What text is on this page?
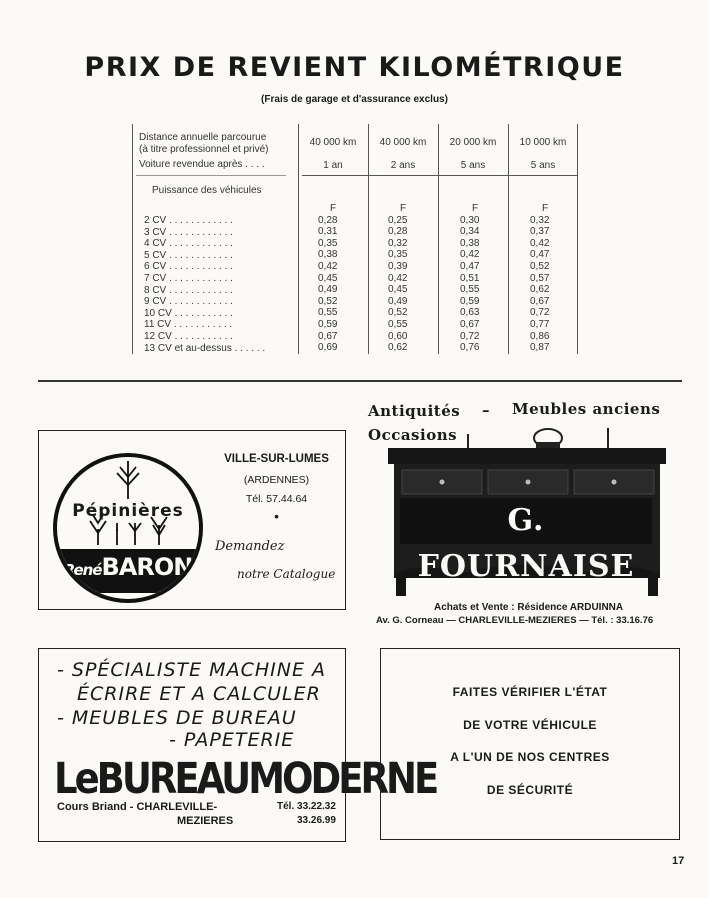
PRIX DE REVIENT KILOMÉTRIQUE
(Frais de garage et d'assurance exclus)
Distance annuelle parcourue
(à titre professionnel et privé)
Voiture revendue après . . . .
Puissance des véhicules
40 000 km
1 an
40 000 km
2 ans
20 000 km
5 ans
10 000 km
5 ans
2 CV . . . . . . . . . . . .
3 CV . . . . . . . . . . . .
4 CV . . . . . . . . . . . .
5 CV . . . . . . . . . . . .
6 CV . . . . . . . . . . . .
7 CV . . . . . . . . . . . .
8 CV . . . . . . . . . . . .
9 CV . . . . . . . . . . . .
10 CV . . . . . . . . . . .
11 CV . . . . . . . . . . .
12 CV . . . . . . . . . . .
13 CV et au-dessus . . . . . .
F
0,28
0,31
0,35
0,38
0,42
0,45
0,49
0,52
0,55
0,59
0,67
0,69
F
0,25
0,28
0,32
0,35
0,39
0,42
0,45
0,49
0,52
0,55
0,60
0,62
F
0,30
0,34
0,38
0,42
0,47
0,51
0,55
0,59
0,63
0,67
0,72
0,76
F
0,32
0,37
0,42
0,47
0,52
0,57
0,62
0,67
0,72
0,77
0,86
0,87
Pépinières
RenéBARON
VILLE-SUR-LUMES
(ARDENNES)
Tél. 57.44.64
•
Demandez
notre Catalogue
Antiquités – Meubles anciens
Occasions
G. FOURNAISE
Achats et Vente : Résidence ARDUINNA
Av. G. Corneau — CHARLEVILLE-MEZIERES — Tél. : 33.16.76
- SPÉCIALISTE MACHINE A
ÉCRIRE ET A CALCULER
- MEUBLES DE BUREAU
- PAPETERIE
Cours Briand - CHARLEVILLE-
MEZIERES
Tél. 33.22.32
33.26.99
LeBUREAUMODERNE
FAITES VÉRIFIER L'ÉTAT
DE VOTRE VÉHICULE
A L'UN DE NOS CENTRES
DE SÉCURITÉ
17
